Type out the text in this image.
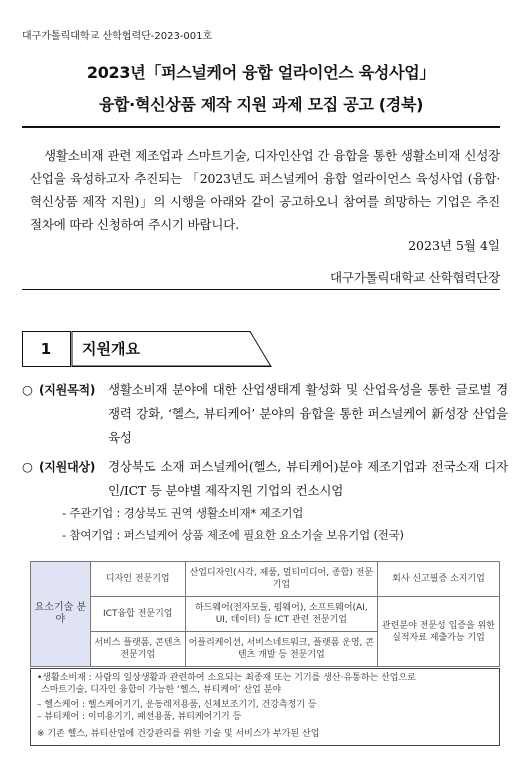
대구가톨릭대학교 산학협력단-2023-001호
2023년「퍼스널케어 융합 얼라이언스 육성사업」
융합·혁신상품 제작 지원 과제 모집 공고 (경북)
생활소비재 관련 제조업과 스마트기술, 디자인산업 간 융합을 통한 생활소비재 신성장 산업을 육성하고자 추진되는 「2023년도 퍼스널케어 융합 얼라이언스 육성사업 (융합·혁신상품 제작 지원)」의 시행을 아래와 같이 공고하오니 참여를 희망하는 기업은 추진절차에 따라 신청하여 주시기 바랍니다.
2023년 5월 4일
대구가톨릭대학교 산학협력단장
1	지원개요
○ (지원목적) 생활소비재 분야에 대한 산업생태계 활성화 및 산업육성을 통한 글로벌 경쟁력 강화, ‘헬스, 뷰티케어’ 분야의 융합을 통한 퍼스널케어 新성장 산업을 육성
○ (지원대상) 경상북도 소재 퍼스널케어(헬스, 뷰티케어)분야 제조기업과 전국소재 디자인/ICT 등 분야별 제작지원 기업의 컨소시엄
- 주관기업 : 경상북도 권역 생활소비재* 제조기업
- 참여기업 : 퍼스널케어 상품 제조에 필요한 요소기술 보유기업 (전국)
요소기술 분야	디자인 전문기업	산업디자인(시각, 제품, 멀티미디어, 종합) 전문 기업	회사 신고필증 소지기업
	ICT융합 전문기업	하드웨어(전자모듈, 펌웨어), 소프트웨어(AI, UI, 데이터) 등 ICT 관련 전문기업	관련분야 전문성 입증을 위한 실적자료 제출가능 기업
	서비스 플랫폼, 콘텐츠 전문기업	어플리케이션, 서비스네트워크, 플랫폼 운영, 콘텐츠 개발 등 전문기업	
•생활소비재 : 사람의 일상생활과 관련하여 소요되는 최종재 또는 기기를 생산·유통하는 산업으로
스마트기술, 디자인 융합이 가능한 ‘헬스, 뷰티케어’ 산업 분야
– 헬스케어 : 헬스케어기기, 운동레저용품, 신체보조기기, 건강측정기 등
– 뷰티케어 : 이미용기기, 패션용품, 뷰티케어기기 등
※ 기존 헬스, 뷰티산업에 건강관리를 위한 기술 및 서비스가 부가된 산업
